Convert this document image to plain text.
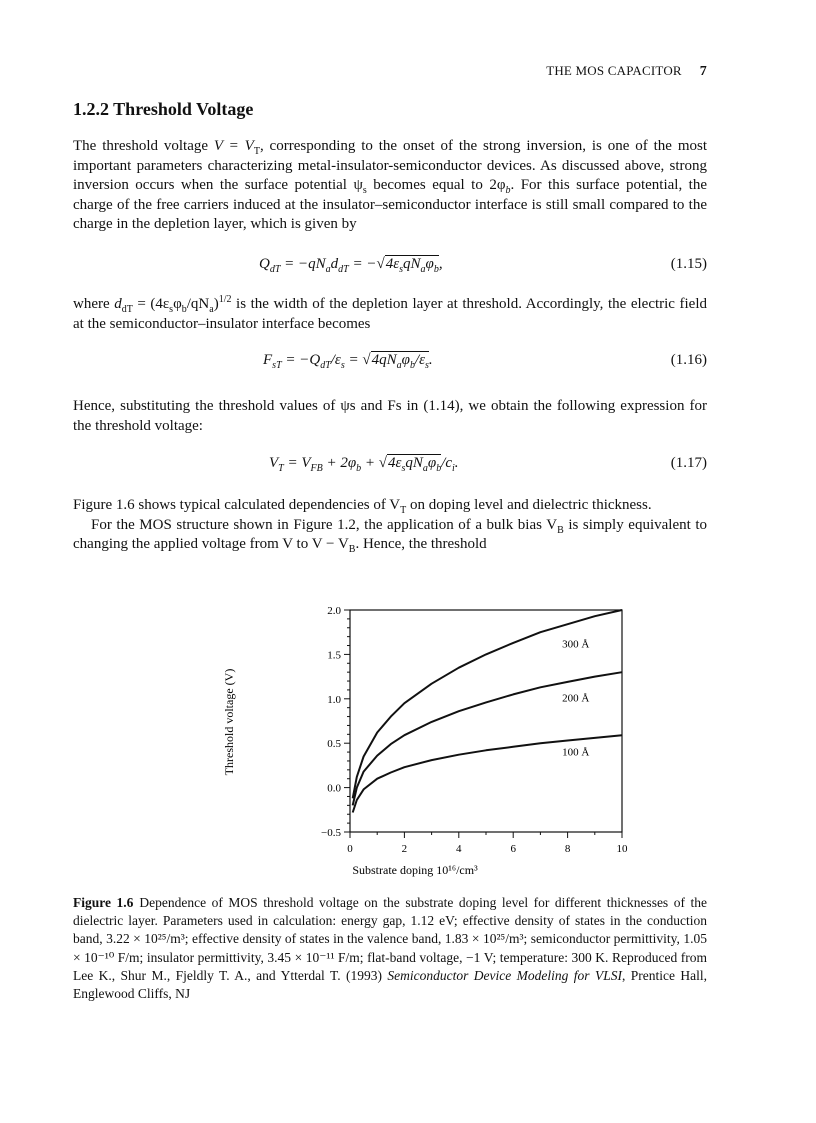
THE MOS CAPACITOR 7
1.2.2 Threshold Voltage

The threshold voltage $V = V_T$, corresponding to the onset of the strong inversion, is one of the most important parameters characterizing metal-insulator-semiconductor devices. As discussed above, strong inversion occurs when the surface potential $\psi_s$ becomes equal to $2\varphi_b$. For this surface potential, the charge of the free carriers induced at the insulator–semiconductor interface is still small compared to the charge in the depletion layer, which is given by

$Q_{dT} = -qN_ad_{dT} = -√4\varepsilon_sqN_a\varphi_b$,	(1.15)

where $d_{dT} = (4\varepsilon_s\varphi_b/qN_a)^{1/2}$ is the width of the depletion layer at threshold. Accordingly, the electric field at the semiconductor–insulator interface becomes

$F_{sT} = -Q_{dT}/\varepsilon_s = √4qN_a\varphi_b/\varepsilon_s$.	(1.16)

Hence, substituting the threshold values of ψs and Fs in (1.14), we obtain the following expression for the threshold voltage:

$V_T = V_{FB} + 2\varphi_b + √4\varepsilon_sqN_a\varphi_b/c_i$.	(1.17)

Figure 1.6 shows typical calculated dependencies of $V_T$ on doping level and dielectric thickness.

For the MOS structure shown in Figure 1.2, the application of a bulk bias $V_B$ is simply equivalent to changing the applied voltage from V to $V - V_B$. Hence, the threshold

−0.5
0.0
0.5
1.0
1.5
2.0
0	2	4	6	8	10
300 Å
200 Å
100 Å
Substrate doping 10¹⁶/cm³
Threshold voltage (V)

Figure 1.6 Dependence of MOS threshold voltage on the substrate doping level for different thicknesses of the dielectric layer. Parameters used in calculation: energy gap, 1.12 eV; effective density of states in the conduction band, 3.22 × 10²⁵/m³; effective density of states in the valence band, 1.83 × 10²⁵/m³; semiconductor permittivity, 1.05 × 10⁻¹⁰ F/m; insulator permittivity, 3.45 × 10⁻¹¹ F/m; flat-band voltage, −1 V; temperature: 300 K. Reproduced from Lee K., Shur M., Fjeldly T. A., and Ytterdal T. (1993) Semiconductor Device Modeling for VLSI, Prentice Hall, Englewood Cliffs, NJ
